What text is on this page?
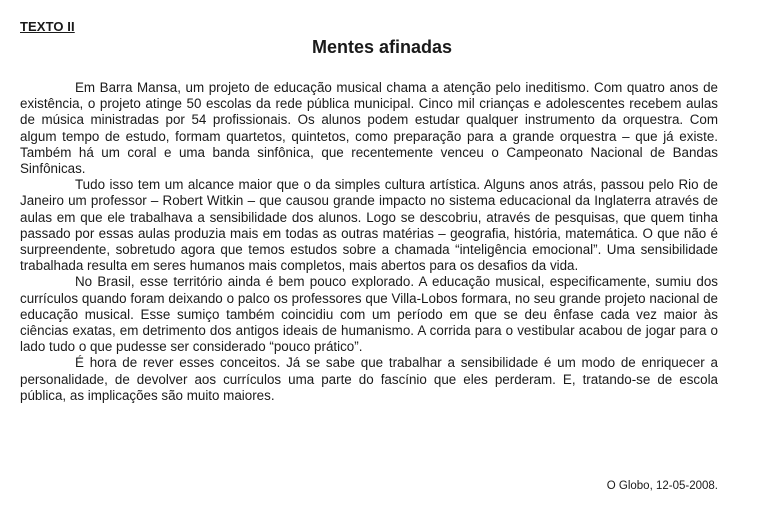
TEXTO II
Mentes afinadas

Em Barra Mansa, um projeto de educação musical chama a atenção pelo ineditismo. Com quatro anos de existência, o projeto atinge 50 escolas da rede pública municipal. Cinco mil crianças e adolescentes recebem aulas de música ministradas por 54 profissionais. Os alunos podem estudar qualquer instrumento da orquestra. Com algum tempo de estudo, formam quartetos, quintetos, como preparação para a grande orquestra – que já existe. Também há um coral e uma banda sinfônica, que recentemente venceu o Campeonato Nacional de Bandas Sinfônicas.

Tudo isso tem um alcance maior que o da simples cultura artística. Alguns anos atrás, passou pelo Rio de Janeiro um professor – Robert Witkin – que causou grande impacto no sistema educacional da Inglaterra através de aulas em que ele trabalhava a sensibilidade dos alunos. Logo se descobriu, através de pesquisas, que quem tinha passado por essas aulas produzia mais em todas as outras matérias – geografia, história, matemática. O que não é surpreendente, sobretudo agora que temos estudos sobre a chamada “inteligência emocional”. Uma sensibilidade trabalhada resulta em seres humanos mais completos, mais abertos para os desafios da vida.

No Brasil, esse território ainda é bem pouco explorado. A educação musical, especificamente, sumiu dos currículos quando foram deixando o palco os professores que Villa-Lobos formara, no seu grande projeto nacional de educação musical. Esse sumiço também coincidiu com um período em que se deu ênfase cada vez maior às ciências exatas, em detrimento dos antigos ideais de humanismo. A corrida para o vestibular acabou de jogar para o lado tudo o que pudesse ser considerado “pouco prático”.

É hora de rever esses conceitos. Já se sabe que trabalhar a sensibilidade é um modo de enriquecer a personalidade, de devolver aos currículos uma parte do fascínio que eles perderam. E, tratando-se de escola pública, as implicações são muito maiores.

O Globo, 12-05-2008.
